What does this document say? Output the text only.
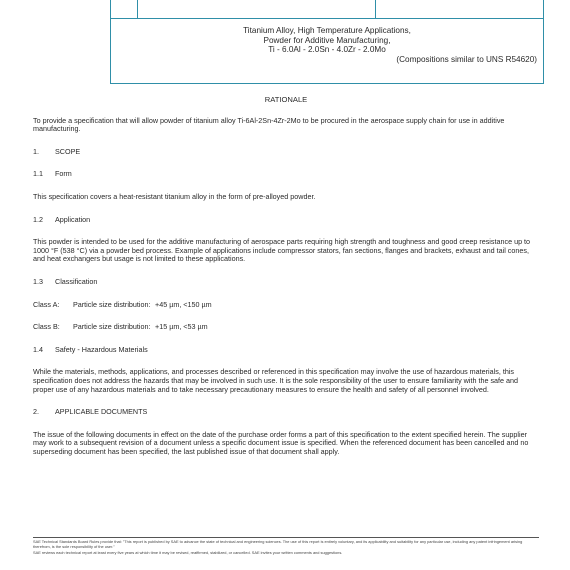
Titanium Alloy, High Temperature Applications,
Powder for Additive Manufacturing,
Ti - 6.0Al - 2.0Sn - 4.0Zr - 2.0Mo
(Compositions similar to UNS R54620)
RATIONALE

To provide a specification that will allow powder of titanium alloy Ti-6Al-2Sn-4Zr-2Mo to be procured in the aerospace supply chain for use in additive manufacturing.

1. SCOPE
1.1 Form

This specification covers a heat-resistant titanium alloy in the form of pre-alloyed powder.

1.2 Application

This powder is intended to be used for the additive manufacturing of aerospace parts requiring high strength and toughness and good creep resistance up to 1000 °F (538 °C) via a powder bed process. Example of applications include compressor stators, fan sections, flanges and brackets, exhaust and tail cones, and heat exchangers but usage is not limited to these applications.

1.3 Classification
Class A: Particle size distribution: +45 µm, <150 µm
Class B: Particle size distribution: +15 µm, <53 µm
1.4 Safety - Hazardous Materials

While the materials, methods, applications, and processes described or referenced in this specification may involve the use of hazardous materials, this specification does not address the hazards that may be involved in such use. It is the sole responsibility of the user to ensure familiarity with the safe and proper use of any hazardous materials and to take necessary precautionary measures to ensure the health and safety of all personnel involved.

2. APPLICABLE DOCUMENTS

The issue of the following documents in effect on the date of the purchase order forms a part of this specification to the extent specified herein. The supplier may work to a subsequent revision of a document unless a specific document issue is specified. When the referenced document has been cancelled and no superseding document has been specified, the last published issue of that document shall apply.

SAE Technical Standards Board Rules provide that: "This report is published by SAE to advance the state of technical and engineering sciences. The use of this report is entirely voluntary, and its applicability and suitability for any particular use, including any patent infringement arising therefrom, is the sole responsibility of the user."
SAE reviews each technical report at least every five years at which time it may be revised, reaffirmed, stabilized, or cancelled. SAE invites your written comments and suggestions.
